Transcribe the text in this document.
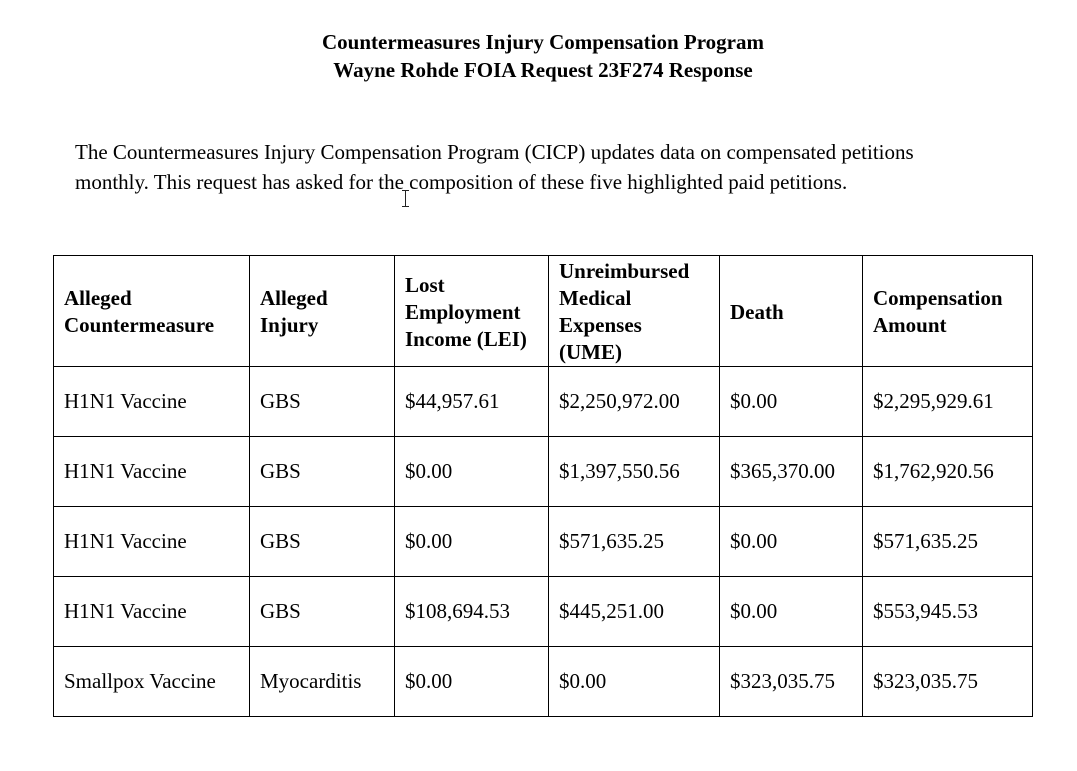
Countermeasures Injury Compensation Program
Wayne Rohde FOIA Request 23F274 Response
The Countermeasures Injury Compensation Program (CICP) updates data on compensated petitions monthly. This request has asked for the composition of these five highlighted paid petitions.
Alleged Countermeasure	Alleged Injury	Lost Employment Income (LEI)	Unreimbursed Medical Expenses (UME)	Death	Compensation Amount
H1N1 Vaccine	GBS	$44,957.61	$2,250,972.00	$0.00	$2,295,929.61
H1N1 Vaccine	GBS	$0.00	$1,397,550.56	$365,370.00	$1,762,920.56
H1N1 Vaccine	GBS	$0.00	$571,635.25	$0.00	$571,635.25
H1N1 Vaccine	GBS	$108,694.53	$445,251.00	$0.00	$553,945.53
Smallpox Vaccine	Myocarditis	$0.00	$0.00	$323,035.75	$323,035.75
